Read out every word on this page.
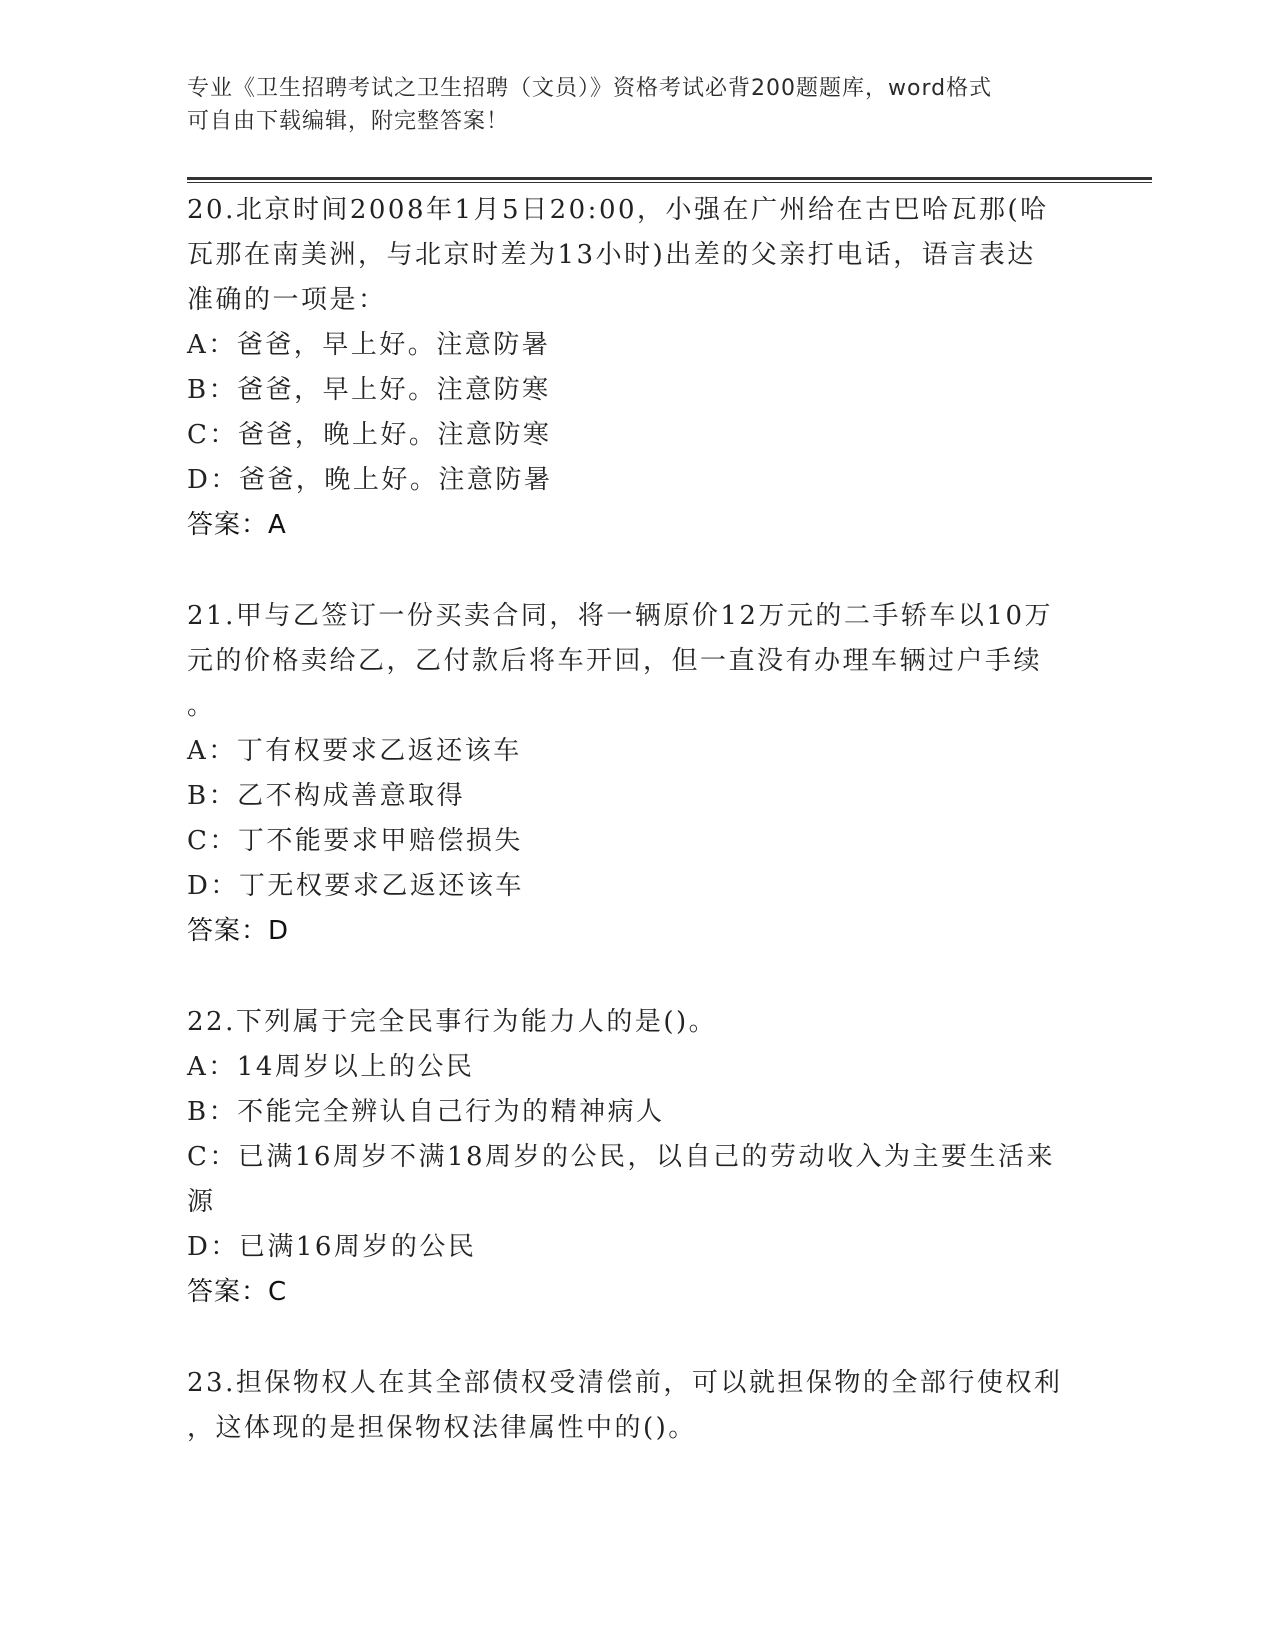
专业《卫生招聘考试之卫生招聘（文员）》资格考试必背200题题库，word格式
可自由下载编辑，附完整答案！

20.北京时间2008年1月5日20:00，小强在广州给在古巴哈瓦那(哈

瓦那在南美洲，与北京时差为13小时)出差的父亲打电话，语言表达

准确的一项是：

A：爸爸，早上好。注意防暑

B：爸爸，早上好。注意防寒

C：爸爸，晚上好。注意防寒

D：爸爸，晚上好。注意防暑

答案：A

21.甲与乙签订一份买卖合同，将一辆原价12万元的二手轿车以10万

元的价格卖给乙，乙付款后将车开回，但一直没有办理车辆过户手续

。

A：丁有权要求乙返还该车

B：乙不构成善意取得

C：丁不能要求甲赔偿损失

D：丁无权要求乙返还该车

答案：D

22.下列属于完全民事行为能力人的是()。

A：14周岁以上的公民

B：不能完全辨认自己行为的精神病人

C：已满16周岁不满18周岁的公民，以自己的劳动收入为主要生活来

源

D：已满16周岁的公民

答案：C

23.担保物权人在其全部债权受清偿前，可以就担保物的全部行使权利

，这体现的是担保物权法律属性中的()。
